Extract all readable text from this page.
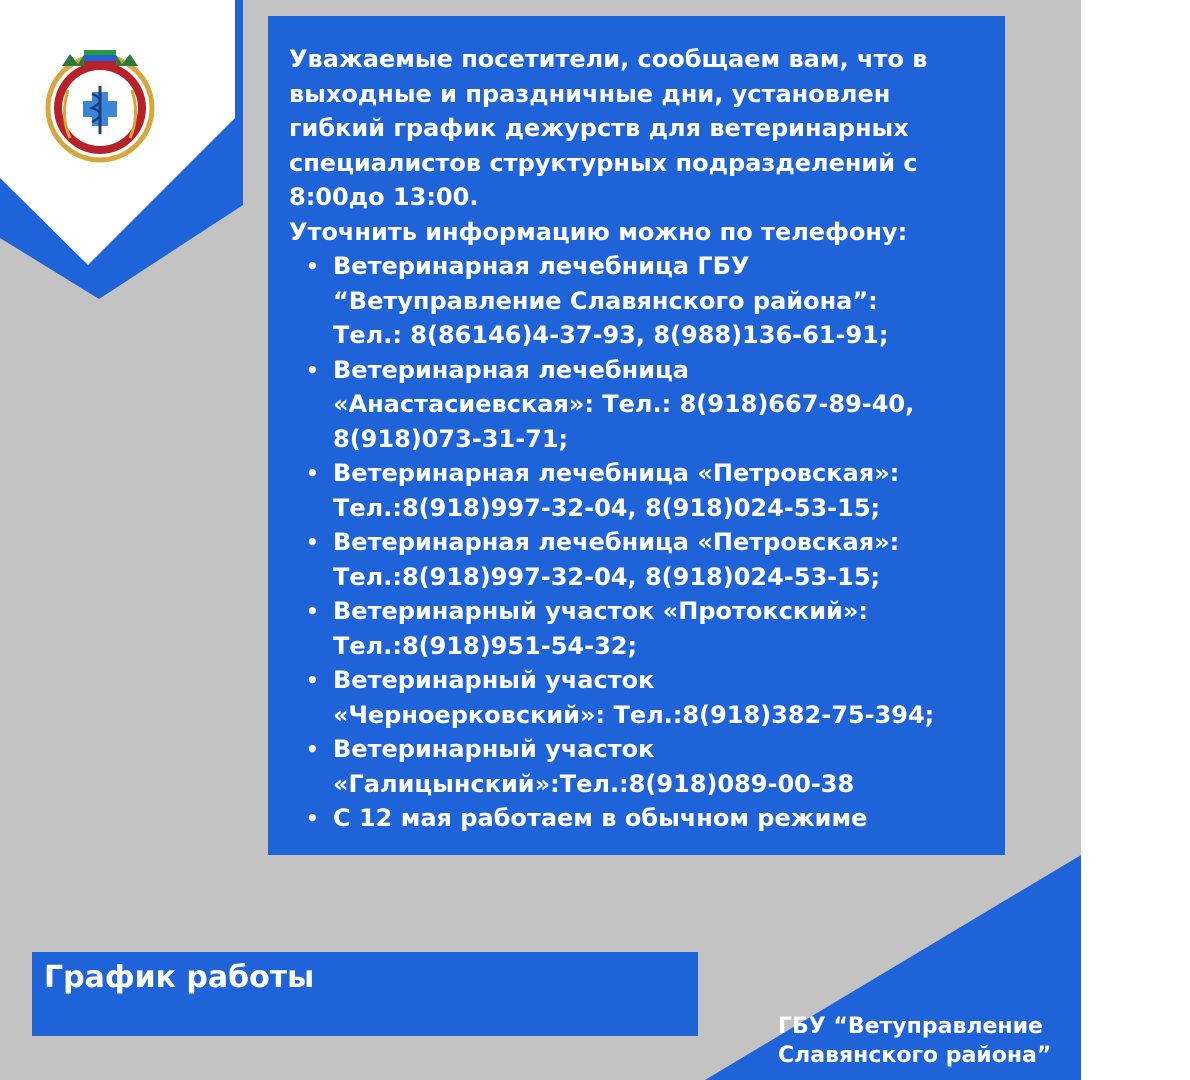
Уважаемые посетители, сообщаем вам, что в выходные и праздничные дни, установлен гибкий график дежурств для ветеринарных специалистов структурных подразделений с 8:00до 13:00.

Уточнить информацию можно по телефону:

• Ветеринарная лечебница ГБУ
“Ветуправление Славянского района”:
Тел.: 8(86146)4-37-93, 8(988)136-61-91;
• Ветеринарная лечебница
«Анастасиевская»: Тел.: 8(918)667-89-40,
8(918)073-31-71;
• Ветеринарная лечебница «Петровская»:
Тел.:8(918)997-32-04, 8(918)024-53-15;
• Ветеринарная лечебница «Петровская»:
Тел.:8(918)997-32-04, 8(918)024-53-15;
• Ветеринарный участок «Протокский»:
Тел.:8(918)951-54-32;
• Ветеринарный участок
«Черноерковский»: Тел.:8(918)382-75-394;
• Ветеринарный участок
«Галицынский»:Тел.:8(918)089-00-38
• С 12 мая работаем в обычном режиме
График работы
ГБУ “Ветуправление
Славянского района”
